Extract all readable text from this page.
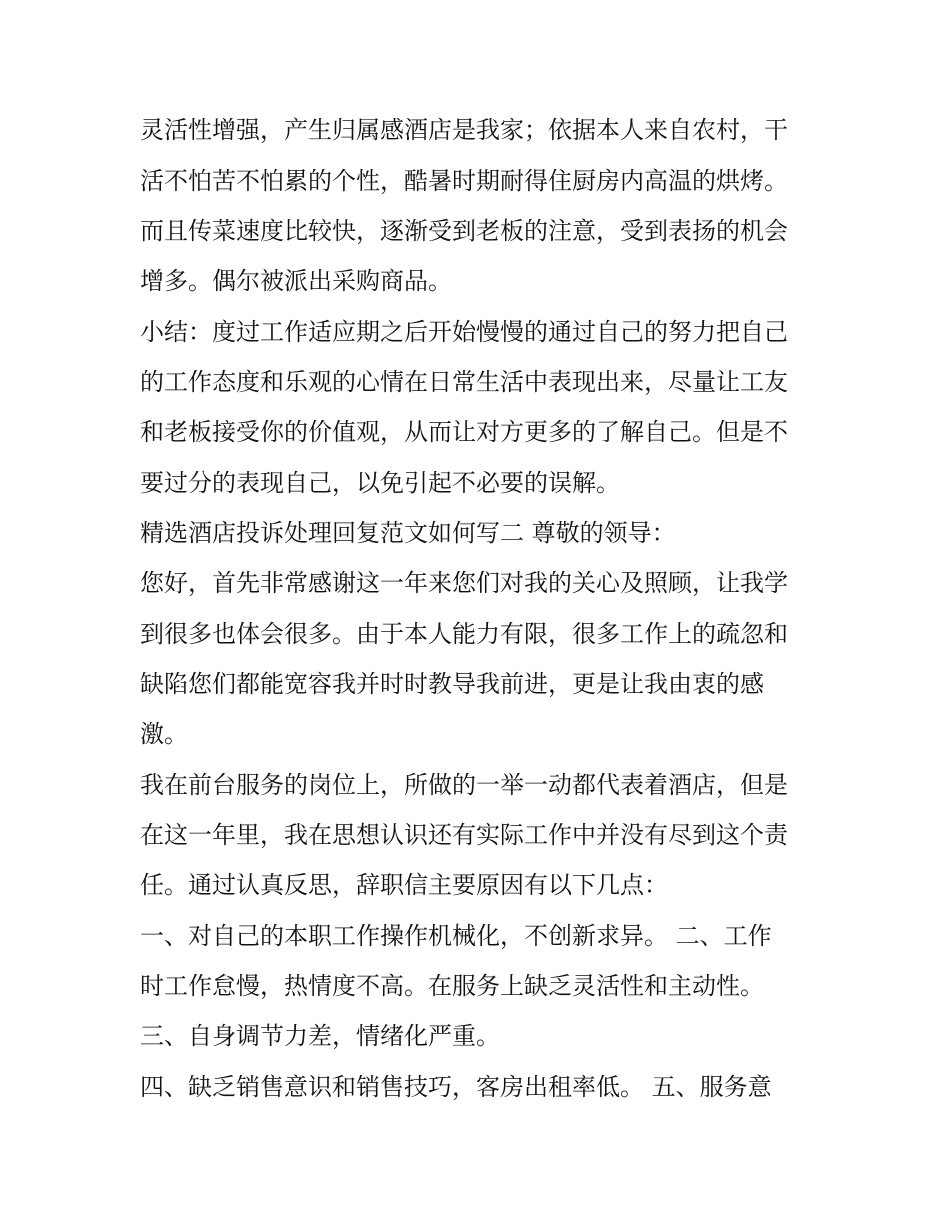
灵活性增强，产生归属感酒店是我家；依据本人来自农村，干
活不怕苦不怕累的个性，酷暑时期耐得住厨房内高温的烘烤。
而且传菜速度比较快，逐渐受到老板的注意，受到表扬的机会
增多。偶尔被派出采购商品。
小结：度过工作适应期之后开始慢慢的通过自己的努力把自己
的工作态度和乐观的心情在日常生活中表现出来，尽量让工友
和老板接受你的价值观，从而让对方更多的了解自己。但是不
要过分的表现自己，以免引起不必要的误解。
精选酒店投诉处理回复范文如何写二 尊敬的领导：
您好，首先非常感谢这一年来您们对我的关心及照顾，让我学
到很多也体会很多。由于本人能力有限，很多工作上的疏忽和
缺陷您们都能宽容我并时时教导我前进，更是让我由衷的感
激。
我在前台服务的岗位上，所做的一举一动都代表着酒店，但是
在这一年里，我在思想认识还有实际工作中并没有尽到这个责
任。通过认真反思，辞职信主要原因有以下几点：
一、对自己的本职工作操作机械化，不创新求异。 二、工作
时工作怠慢，热情度不高。在服务上缺乏灵活性和主动性。
三、自身调节力差，情绪化严重。
四、缺乏销售意识和销售技巧，客房出租率低。 五、服务意
